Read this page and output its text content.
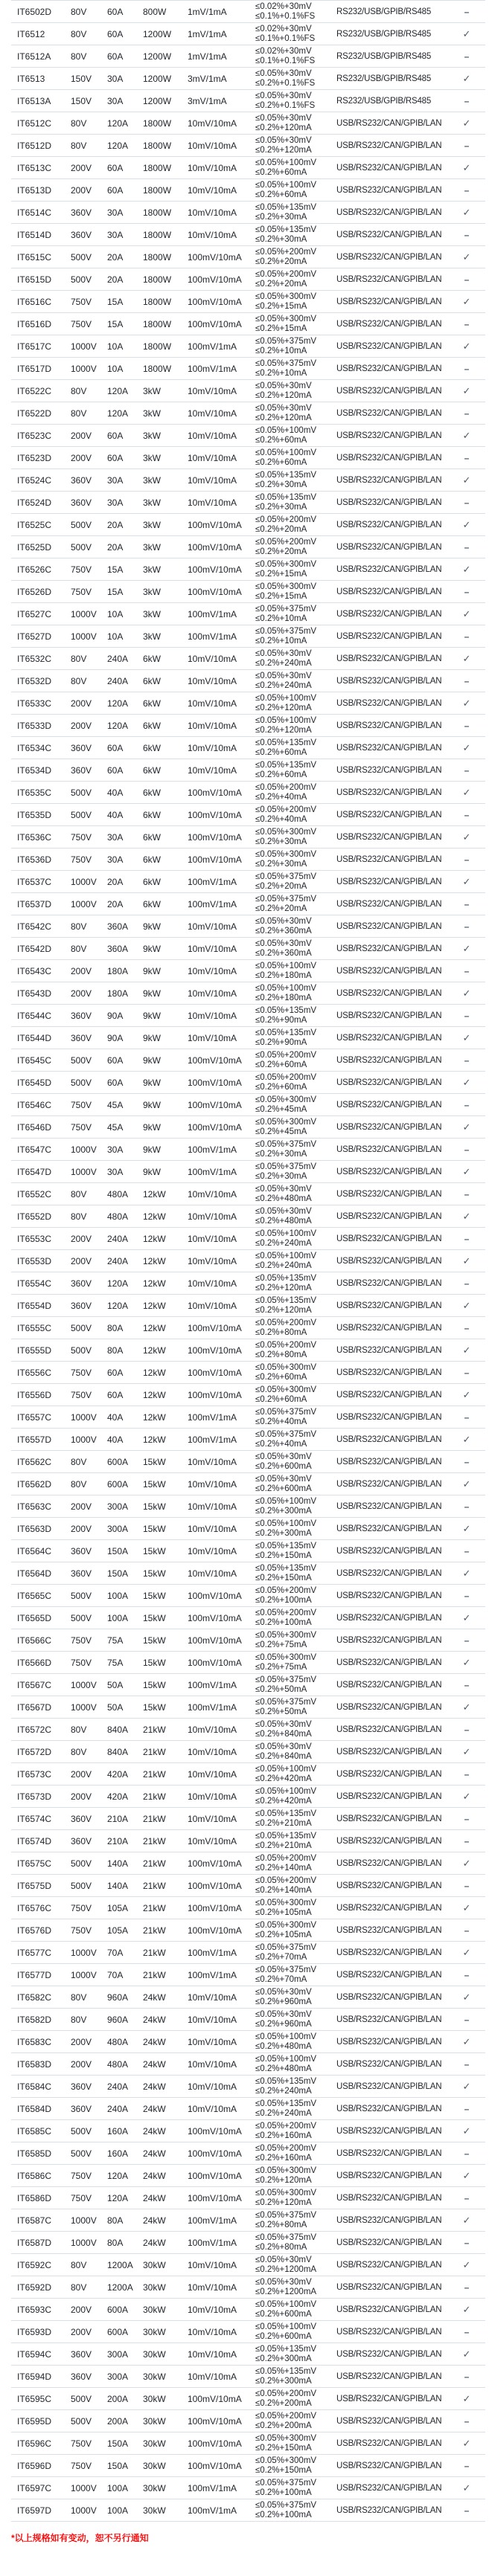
IT6502D	80V	60A	800W	1mV/1mA	≤0.02%+30mV
≤0.1%+0.1%FS	RS232/USB/GPIB/RS485	–
IT6512	80V	60A	1200W	1mV/1mA	≤0.02%+30mV
≤0.1%+0.1%FS	RS232/USB/GPIB/RS485	✓
IT6512A	80V	60A	1200W	1mV/1mA	≤0.02%+30mV
≤0.1%+0.1%FS	RS232/USB/GPIB/RS485	–
IT6513	150V	30A	1200W	3mV/1mA	≤0.05%+30mV
≤0.2%+0.1%FS	RS232/USB/GPIB/RS485	✓
IT6513A	150V	30A	1200W	3mV/1mA	≤0.05%+30mV
≤0.2%+0.1%FS	RS232/USB/GPIB/RS485	–
IT6512C	80V	120A	1800W	10mV/10mA	≤0.05%+30mV
≤0.2%+120mA	USB/RS232/CAN/GPIB/LAN	✓
IT6512D	80V	120A	1800W	10mV/10mA	≤0.05%+30mV
≤0.2%+120mA	USB/RS232/CAN/GPIB/LAN	–
IT6513C	200V	60A	1800W	10mV/10mA	≤0.05%+100mV
≤0.2%+60mA	USB/RS232/CAN/GPIB/LAN	✓
IT6513D	200V	60A	1800W	10mV/10mA	≤0.05%+100mV
≤0.2%+60mA	USB/RS232/CAN/GPIB/LAN	–
IT6514C	360V	30A	1800W	10mV/10mA	≤0.05%+135mV
≤0.2%+30mA	USB/RS232/CAN/GPIB/LAN	✓
IT6514D	360V	30A	1800W	10mV/10mA	≤0.05%+135mV
≤0.2%+30mA	USB/RS232/CAN/GPIB/LAN	–
IT6515C	500V	20A	1800W	100mV/10mA	≤0.05%+200mV
≤0.2%+20mA	USB/RS232/CAN/GPIB/LAN	✓
IT6515D	500V	20A	1800W	100mV/10mA	≤0.05%+200mV
≤0.2%+20mA	USB/RS232/CAN/GPIB/LAN	–
IT6516C	750V	15A	1800W	100mV/10mA	≤0.05%+300mV
≤0.2%+15mA	USB/RS232/CAN/GPIB/LAN	✓
IT6516D	750V	15A	1800W	100mV/10mA	≤0.05%+300mV
≤0.2%+15mA	USB/RS232/CAN/GPIB/LAN	–
IT6517C	1000V	10A	1800W	100mV/1mA	≤0.05%+375mV
≤0.2%+10mA	USB/RS232/CAN/GPIB/LAN	✓
IT6517D	1000V	10A	1800W	100mV/1mA	≤0.05%+375mV
≤0.2%+10mA	USB/RS232/CAN/GPIB/LAN	–
IT6522C	80V	120A	3kW	10mV/10mA	≤0.05%+30mV
≤0.2%+120mA	USB/RS232/CAN/GPIB/LAN	✓
IT6522D	80V	120A	3kW	10mV/10mA	≤0.05%+30mV
≤0.2%+120mA	USB/RS232/CAN/GPIB/LAN	–
IT6523C	200V	60A	3kW	10mV/10mA	≤0.05%+100mV
≤0.2%+60mA	USB/RS232/CAN/GPIB/LAN	✓
IT6523D	200V	60A	3kW	10mV/10mA	≤0.05%+100mV
≤0.2%+60mA	USB/RS232/CAN/GPIB/LAN	–
IT6524C	360V	30A	3kW	10mV/10mA	≤0.05%+135mV
≤0.2%+30mA	USB/RS232/CAN/GPIB/LAN	✓
IT6524D	360V	30A	3kW	10mV/10mA	≤0.05%+135mV
≤0.2%+30mA	USB/RS232/CAN/GPIB/LAN	–
IT6525C	500V	20A	3kW	100mV/10mA	≤0.05%+200mV
≤0.2%+20mA	USB/RS232/CAN/GPIB/LAN	✓
IT6525D	500V	20A	3kW	100mV/10mA	≤0.05%+200mV
≤0.2%+20mA	USB/RS232/CAN/GPIB/LAN	–
IT6526C	750V	15A	3kW	100mV/10mA	≤0.05%+300mV
≤0.2%+15mA	USB/RS232/CAN/GPIB/LAN	✓
IT6526D	750V	15A	3kW	100mV/10mA	≤0.05%+300mV
≤0.2%+15mA	USB/RS232/CAN/GPIB/LAN	–
IT6527C	1000V	10A	3kW	100mV/1mA	≤0.05%+375mV
≤0.2%+10mA	USB/RS232/CAN/GPIB/LAN	✓
IT6527D	1000V	10A	3kW	100mV/1mA	≤0.05%+375mV
≤0.2%+10mA	USB/RS232/CAN/GPIB/LAN	–
IT6532C	80V	240A	6kW	10mV/10mA	≤0.05%+30mV
≤0.2%+240mA	USB/RS232/CAN/GPIB/LAN	✓
IT6532D	80V	240A	6kW	10mV/10mA	≤0.05%+30mV
≤0.2%+240mA	USB/RS232/CAN/GPIB/LAN	–
IT6533C	200V	120A	6kW	10mV/10mA	≤0.05%+100mV
≤0.2%+120mA	USB/RS232/CAN/GPIB/LAN	✓
IT6533D	200V	120A	6kW	10mV/10mA	≤0.05%+100mV
≤0.2%+120mA	USB/RS232/CAN/GPIB/LAN	–
IT6534C	360V	60A	6kW	10mV/10mA	≤0.05%+135mV
≤0.2%+60mA	USB/RS232/CAN/GPIB/LAN	✓
IT6534D	360V	60A	6kW	10mV/10mA	≤0.05%+135mV
≤0.2%+60mA	USB/RS232/CAN/GPIB/LAN	–
IT6535C	500V	40A	6kW	100mV/10mA	≤0.05%+200mV
≤0.2%+40mA	USB/RS232/CAN/GPIB/LAN	✓
IT6535D	500V	40A	6kW	100mV/10mA	≤0.05%+200mV
≤0.2%+40mA	USB/RS232/CAN/GPIB/LAN	–
IT6536C	750V	30A	6kW	100mV/10mA	≤0.05%+300mV
≤0.2%+30mA	USB/RS232/CAN/GPIB/LAN	✓
IT6536D	750V	30A	6kW	100mV/10mA	≤0.05%+300mV
≤0.2%+30mA	USB/RS232/CAN/GPIB/LAN	–
IT6537C	1000V	20A	6kW	100mV/1mA	≤0.05%+375mV
≤0.2%+20mA	USB/RS232/CAN/GPIB/LAN	✓
IT6537D	1000V	20A	6kW	100mV/1mA	≤0.05%+375mV
≤0.2%+20mA	USB/RS232/CAN/GPIB/LAN	–
IT6542C	80V	360A	9kW	10mV/10mA	≤0.05%+30mV
≤0.2%+360mA	USB/RS232/CAN/GPIB/LAN	–
IT6542D	80V	360A	9kW	10mV/10mA	≤0.05%+30mV
≤0.2%+360mA	USB/RS232/CAN/GPIB/LAN	✓
IT6543C	200V	180A	9kW	10mV/10mA	≤0.05%+100mV
≤0.2%+180mA	USB/RS232/CAN/GPIB/LAN	–
IT6543D	200V	180A	9kW	10mV/10mA	≤0.05%+100mV
≤0.2%+180mA	USB/RS232/CAN/GPIB/LAN	✓
IT6544C	360V	90A	9kW	10mV/10mA	≤0.05%+135mV
≤0.2%+90mA	USB/RS232/CAN/GPIB/LAN	–
IT6544D	360V	90A	9kW	10mV/10mA	≤0.05%+135mV
≤0.2%+90mA	USB/RS232/CAN/GPIB/LAN	✓
IT6545C	500V	60A	9kW	100mV/10mA	≤0.05%+200mV
≤0.2%+60mA	USB/RS232/CAN/GPIB/LAN	–
IT6545D	500V	60A	9kW	100mV/10mA	≤0.05%+200mV
≤0.2%+60mA	USB/RS232/CAN/GPIB/LAN	✓
IT6546C	750V	45A	9kW	100mV/10mA	≤0.05%+300mV
≤0.2%+45mA	USB/RS232/CAN/GPIB/LAN	–
IT6546D	750V	45A	9kW	100mV/10mA	≤0.05%+300mV
≤0.2%+45mA	USB/RS232/CAN/GPIB/LAN	✓
IT6547C	1000V	30A	9kW	100mV/1mA	≤0.05%+375mV
≤0.2%+30mA	USB/RS232/CAN/GPIB/LAN	–
IT6547D	1000V	30A	9kW	100mV/1mA	≤0.05%+375mV
≤0.2%+30mA	USB/RS232/CAN/GPIB/LAN	✓
IT6552C	80V	480A	12kW	10mV/10mA	≤0.05%+30mV
≤0.2%+480mA	USB/RS232/CAN/GPIB/LAN	–
IT6552D	80V	480A	12kW	10mV/10mA	≤0.05%+30mV
≤0.2%+480mA	USB/RS232/CAN/GPIB/LAN	✓
IT6553C	200V	240A	12kW	10mV/10mA	≤0.05%+100mV
≤0.2%+240mA	USB/RS232/CAN/GPIB/LAN	–
IT6553D	200V	240A	12kW	10mV/10mA	≤0.05%+100mV
≤0.2%+240mA	USB/RS232/CAN/GPIB/LAN	✓
IT6554C	360V	120A	12kW	10mV/10mA	≤0.05%+135mV
≤0.2%+120mA	USB/RS232/CAN/GPIB/LAN	–
IT6554D	360V	120A	12kW	10mV/10mA	≤0.05%+135mV
≤0.2%+120mA	USB/RS232/CAN/GPIB/LAN	✓
IT6555C	500V	80A	12kW	100mV/10mA	≤0.05%+200mV
≤0.2%+80mA	USB/RS232/CAN/GPIB/LAN	–
IT6555D	500V	80A	12kW	100mV/10mA	≤0.05%+200mV
≤0.2%+80mA	USB/RS232/CAN/GPIB/LAN	✓
IT6556C	750V	60A	12kW	100mV/10mA	≤0.05%+300mV
≤0.2%+60mA	USB/RS232/CAN/GPIB/LAN	–
IT6556D	750V	60A	12kW	100mV/10mA	≤0.05%+300mV
≤0.2%+60mA	USB/RS232/CAN/GPIB/LAN	✓
IT6557C	1000V	40A	12kW	100mV/1mA	≤0.05%+375mV
≤0.2%+40mA	USB/RS232/CAN/GPIB/LAN	–
IT6557D	1000V	40A	12kW	100mV/1mA	≤0.05%+375mV
≤0.2%+40mA	USB/RS232/CAN/GPIB/LAN	✓
IT6562C	80V	600A	15kW	10mV/10mA	≤0.05%+30mV
≤0.2%+600mA	USB/RS232/CAN/GPIB/LAN	–
IT6562D	80V	600A	15kW	10mV/10mA	≤0.05%+30mV
≤0.2%+600mA	USB/RS232/CAN/GPIB/LAN	✓
IT6563C	200V	300A	15kW	10mV/10mA	≤0.05%+100mV
≤0.2%+300mA	USB/RS232/CAN/GPIB/LAN	–
IT6563D	200V	300A	15kW	10mV/10mA	≤0.05%+100mV
≤0.2%+300mA	USB/RS232/CAN/GPIB/LAN	✓
IT6564C	360V	150A	15kW	10mV/10mA	≤0.05%+135mV
≤0.2%+150mA	USB/RS232/CAN/GPIB/LAN	–
IT6564D	360V	150A	15kW	10mV/10mA	≤0.05%+135mV
≤0.2%+150mA	USB/RS232/CAN/GPIB/LAN	✓
IT6565C	500V	100A	15kW	100mV/10mA	≤0.05%+200mV
≤0.2%+100mA	USB/RS232/CAN/GPIB/LAN	–
IT6565D	500V	100A	15kW	100mV/10mA	≤0.05%+200mV
≤0.2%+100mA	USB/RS232/CAN/GPIB/LAN	✓
IT6566C	750V	75A	15kW	100mV/10mA	≤0.05%+300mV
≤0.2%+75mA	USB/RS232/CAN/GPIB/LAN	–
IT6566D	750V	75A	15kW	100mV/10mA	≤0.05%+300mV
≤0.2%+75mA	USB/RS232/CAN/GPIB/LAN	✓
IT6567C	1000V	50A	15kW	100mV/1mA	≤0.05%+375mV
≤0.2%+50mA	USB/RS232/CAN/GPIB/LAN	–
IT6567D	1000V	50A	15kW	100mV/1mA	≤0.05%+375mV
≤0.2%+50mA	USB/RS232/CAN/GPIB/LAN	✓
IT6572C	80V	840A	21kW	10mV/10mA	≤0.05%+30mV
≤0.2%+840mA	USB/RS232/CAN/GPIB/LAN	–
IT6572D	80V	840A	21kW	10mV/10mA	≤0.05%+30mV
≤0.2%+840mA	USB/RS232/CAN/GPIB/LAN	✓
IT6573C	200V	420A	21kW	10mV/10mA	≤0.05%+100mV
≤0.2%+420mA	USB/RS232/CAN/GPIB/LAN	–
IT6573D	200V	420A	21kW	10mV/10mA	≤0.05%+100mV
≤0.2%+420mA	USB/RS232/CAN/GPIB/LAN	✓
IT6574C	360V	210A	21kW	10mV/10mA	≤0.05%+135mV
≤0.2%+210mA	USB/RS232/CAN/GPIB/LAN	–
IT6574D	360V	210A	21kW	10mV/10mA	≤0.05%+135mV
≤0.2%+210mA	USB/RS232/CAN/GPIB/LAN	–
IT6575C	500V	140A	21kW	100mV/10mA	≤0.05%+200mV
≤0.2%+140mA	USB/RS232/CAN/GPIB/LAN	✓
IT6575D	500V	140A	21kW	100mV/10mA	≤0.05%+200mV
≤0.2%+140mA	USB/RS232/CAN/GPIB/LAN	–
IT6576C	750V	105A	21kW	100mV/10mA	≤0.05%+300mV
≤0.2%+105mA	USB/RS232/CAN/GPIB/LAN	✓
IT6576D	750V	105A	21kW	100mV/10mA	≤0.05%+300mV
≤0.2%+105mA	USB/RS232/CAN/GPIB/LAN	–
IT6577C	1000V	70A	21kW	100mV/1mA	≤0.05%+375mV
≤0.2%+70mA	USB/RS232/CAN/GPIB/LAN	✓
IT6577D	1000V	70A	21kW	100mV/1mA	≤0.05%+375mV
≤0.2%+70mA	USB/RS232/CAN/GPIB/LAN	–
IT6582C	80V	960A	24kW	10mV/10mA	≤0.05%+30mV
≤0.2%+960mA	USB/RS232/CAN/GPIB/LAN	✓
IT6582D	80V	960A	24kW	10mV/10mA	≤0.05%+30mV
≤0.2%+960mA	USB/RS232/CAN/GPIB/LAN	–
IT6583C	200V	480A	24kW	10mV/10mA	≤0.05%+100mV
≤0.2%+480mA	USB/RS232/CAN/GPIB/LAN	✓
IT6583D	200V	480A	24kW	10mV/10mA	≤0.05%+100mV
≤0.2%+480mA	USB/RS232/CAN/GPIB/LAN	–
IT6584C	360V	240A	24kW	10mV/10mA	≤0.05%+135mV
≤0.2%+240mA	USB/RS232/CAN/GPIB/LAN	✓
IT6584D	360V	240A	24kW	10mV/10mA	≤0.05%+135mV
≤0.2%+240mA	USB/RS232/CAN/GPIB/LAN	–
IT6585C	500V	160A	24kW	100mV/10mA	≤0.05%+200mV
≤0.2%+160mA	USB/RS232/CAN/GPIB/LAN	✓
IT6585D	500V	160A	24kW	100mV/10mA	≤0.05%+200mV
≤0.2%+160mA	USB/RS232/CAN/GPIB/LAN	–
IT6586C	750V	120A	24kW	100mV/10mA	≤0.05%+300mV
≤0.2%+120mA	USB/RS232/CAN/GPIB/LAN	✓
IT6586D	750V	120A	24kW	100mV/10mA	≤0.05%+300mV
≤0.2%+120mA	USB/RS232/CAN/GPIB/LAN	–
IT6587C	1000V	80A	24kW	100mV/1mA	≤0.05%+375mV
≤0.2%+80mA	USB/RS232/CAN/GPIB/LAN	✓
IT6587D	1000V	80A	24kW	100mV/1mA	≤0.05%+375mV
≤0.2%+80mA	USB/RS232/CAN/GPIB/LAN	–
IT6592C	80V	1200A	30kW	10mV/10mA	≤0.05%+30mV
≤0.2%+1200mA USB/RS232/CAN/GPIB/LAN	✓
IT6592D	80V	1200A	30kW	10mV/10mA	≤0.05%+30mV
≤0.2%+1200mA USB/RS232/CAN/GPIB/LAN	–
IT6593C	200V	600A	30kW	10mV/10mA	≤0.05%+100mV
≤0.2%+600mA	USB/RS232/CAN/GPIB/LAN	✓
IT6593D	200V	600A	30kW	10mV/10mA	≤0.05%+100mV
≤0.2%+600mA	USB/RS232/CAN/GPIB/LAN	–
IT6594C	360V	300A	30kW	10mV/10mA	≤0.05%+135mV
≤0.2%+300mA	USB/RS232/CAN/GPIB/LAN	✓
IT6594D	360V	300A	30kW	10mV/10mA	≤0.05%+135mV
≤0.2%+300mA	USB/RS232/CAN/GPIB/LAN	–
IT6595C	500V	200A	30kW	100mV/10mA	≤0.05%+200mV
≤0.2%+200mA	USB/RS232/CAN/GPIB/LAN	✓
IT6595D	500V	200A	30kW	100mV/10mA	≤0.05%+200mV
≤0.2%+200mA	USB/RS232/CAN/GPIB/LAN	–
IT6596C	750V	150A	30kW	100mV/10mA	≤0.05%+300mV
≤0.2%+150mA	USB/RS232/CAN/GPIB/LAN	✓
IT6596D	750V	150A	30kW	100mV/10mA	≤0.05%+300mV
≤0.2%+150mA	USB/RS232/CAN/GPIB/LAN	–
IT6597C	1000V	100A	30kW	100mV/1mA	≤0.05%+375mV
≤0.2%+100mA	USB/RS232/CAN/GPIB/LAN	✓
IT6597D	1000V	100A	30kW	100mV/1mA	≤0.05%+375mV
≤0.2%+100mA	USB/RS232/CAN/GPIB/LAN	–
*以上规格如有变动，恕不另行通知
